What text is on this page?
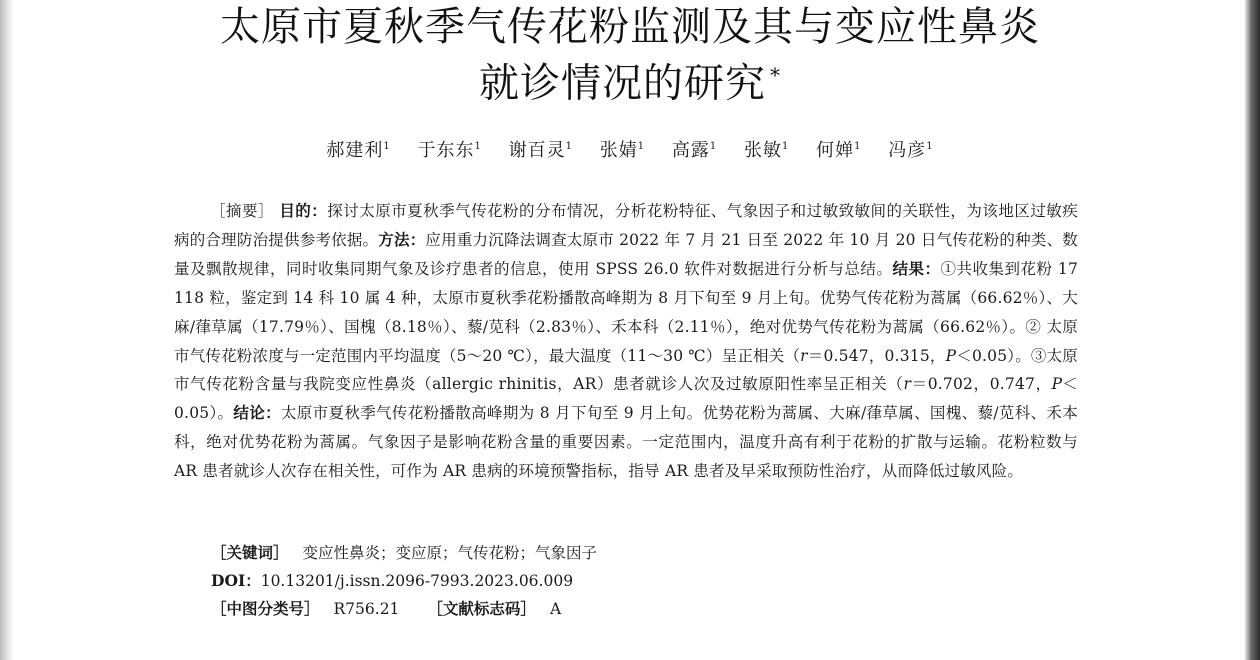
太原市夏秋季气传花粉监测及其与变应性鼻炎
就诊情况的研究 *
郝建利$^1$ 于东东$^1$ 谢百灵$^1$ 张婧$^1$ 高露$^1$ 张敏$^1$ 何婵$^1$ 冯彦$^1$

［摘要］ 目的：探讨太原市夏秋季气传花粉的分布情况，分析花粉特征、气象因子和过敏致敏间的关联性，为该地区过敏疾病的合理防治提供参考依据。方法：应用重力沉降法调查太原市 2022 年 7 月 21 日至 2022 年 10 月 20 日气传花粉的种类、数量及飘散规律，同时收集同期气象及诊疗患者的信息，使用 SPSS 26.0 软件对数据进行分析与总结。结果：①共收集到花粉 17 118 粒，鉴定到 14 科 10 属 4 种，太原市夏秋季花粉播散高峰期为 8 月下旬至 9 月上旬。优势气传花粉为蒿属（66.62％）、大麻/葎草属（17.79％）、国槐（8.18％）、藜/苋科（2.83％）、禾本科（2.11％），绝对优势气传花粉为蒿属（66.62％）。② 太原市气传花粉浓度与一定范围内平均温度（5～20 ℃），最大温度（11～30 ℃）呈正相关（r＝0.547，0.315，P＜0.05）。③太原市气传花粉含量与我院变应性鼻炎（allergic rhinitis，AR）患者就诊人次及过敏原阳性率呈正相关（r＝0.702，0.747，P＜0.05）。结论：太原市夏秋季气传花粉播散高峰期为 8 月下旬至 9 月上旬。优势花粉为蒿属、大麻/葎草属、国槐、藜/苋科、禾本科，绝对优势花粉为蒿属。气象因子是影响花粉含量的重要因素。一定范围内，温度升高有利于花粉的扩散与运输。花粉粒数与 AR 患者就诊人次存在相关性，可作为 AR 患病的环境预警指标，指导 AR 患者及早采取预防性治疗，从而降低过敏风险。

［关键词］ 变应性鼻炎；变应原；气传花粉；气象因子
DOI：10.13201/j.issn.2096-7993.2023.06.009
［中图分类号］ R756.21 ［文献标志码］ A
